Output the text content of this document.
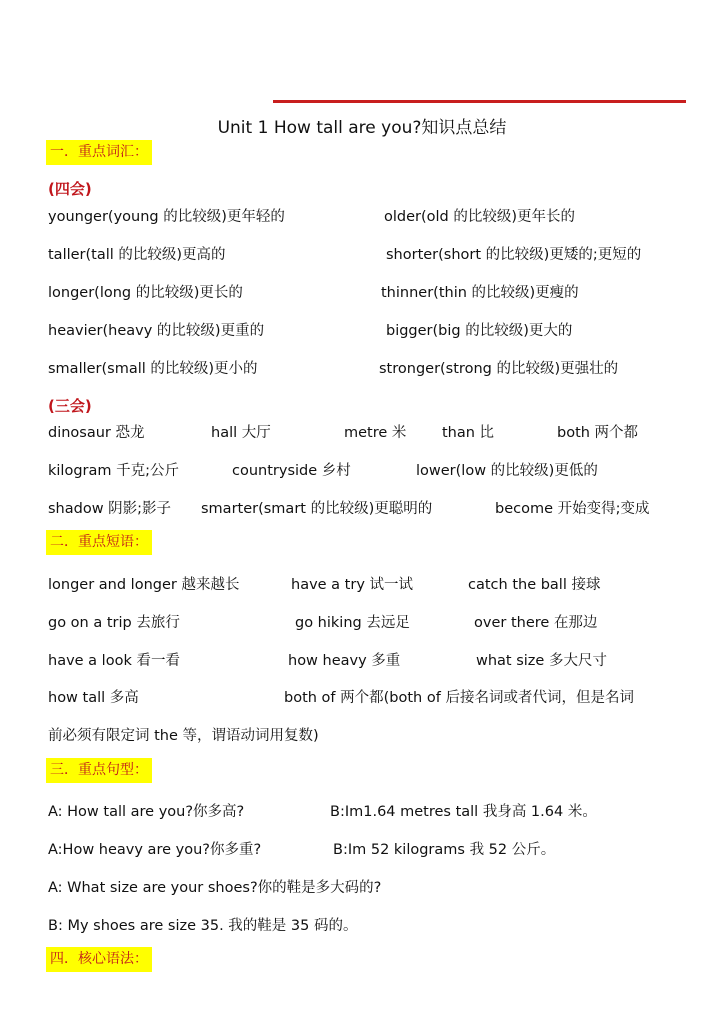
Unit 1 How tall are you?知识点总结
一．重点词汇：
(四会)
younger(young 的比较级)更年轻的	older(old 的比较级)更年长的
taller(tall 的比较级)更高的	shorter(short 的比较级)更矮的;更短的
longer(long 的比较级)更长的	thinner(thin 的比较级)更瘦的
heavier(heavy 的比较级)更重的	bigger(big 的比较级)更大的
smaller(small 的比较级)更小的	stronger(strong 的比较级)更强壮的
(三会)
dinosaur 恐龙	hall 大厅	metre 米 than 比	both 两个都
kilogram 千克;公斤	countryside 乡村	lower(low 的比较级)更低的
shadow 阴影;影子 smarter(smart 的比较级)更聪明的	become 开始变得;变成
二．重点短语：
longer and longer 越来越长	have a try 试一试	catch the ball 接球
go on a trip 去旅行	go hiking 去远足	over there 在那边
have a look 看一看	how heavy 多重	what size 多大尺寸
how tall 多高	both of 两个都(both of 后接名词或者代词，但是名词
前必须有限定词 the 等，谓语动词用复数)
三．重点句型：
A: How tall are you?你多高?	B:Im1.64 metres tall 我身高 1.64 米。
A:How heavy are you?你多重?	B:Im 52 kilograms 我 52 公斤。
A: What size are your shoes?你的鞋是多大码的?
B: My shoes are size 35. 我的鞋是 35 码的。
四．核心语法：
